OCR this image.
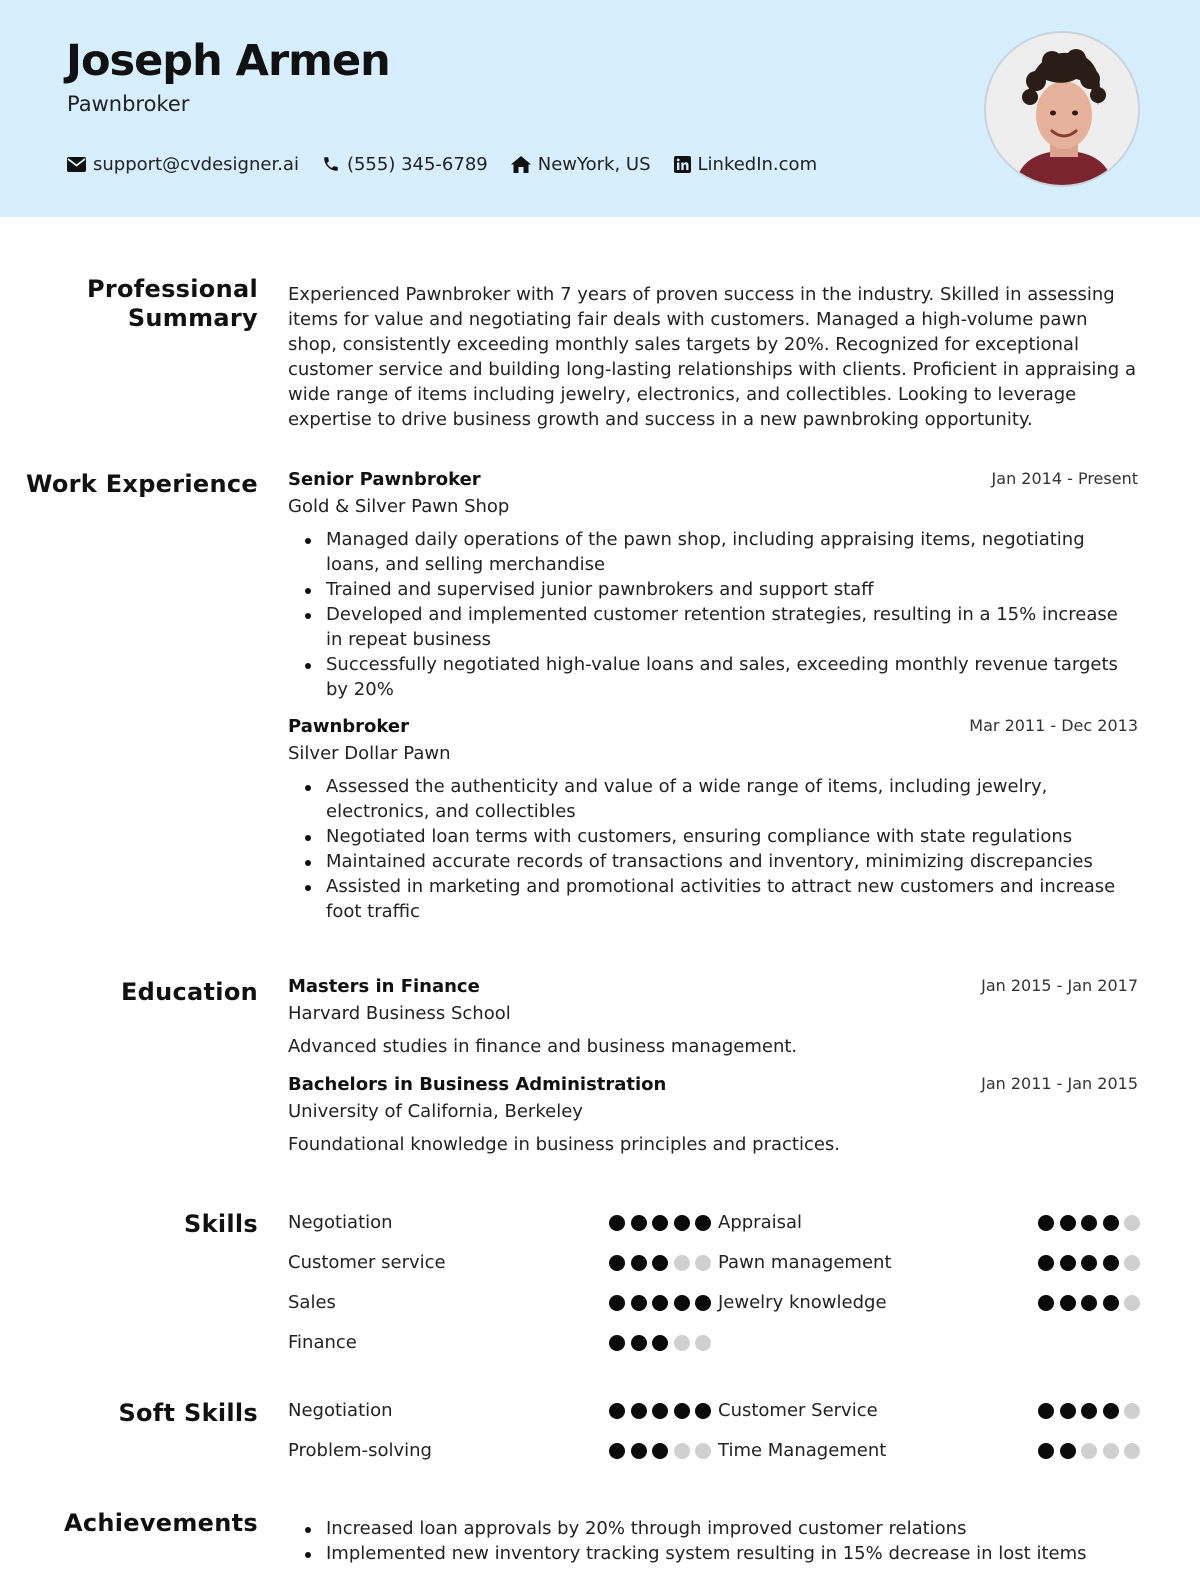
Joseph Armen
Pawnbroker
support@cvdesigner.ai	(555) 345-6789	NewYork, US	LinkedIn.com
Professional Summary
Experienced Pawnbroker with 7 years of proven success in the industry. Skilled in assessing items for value and negotiating fair deals with customers. Managed a high-volume pawn shop, consistently exceeding monthly sales targets by 20%. Recognized for exceptional customer service and building long-lasting relationships with clients. Proficient in appraising a wide range of items including jewelry, electronics, and collectibles. Looking to leverage expertise to drive business growth and success in a new pawnbroking opportunity.
Work Experience Senior Pawnbroker	Jan 2014 - Present
Gold & Silver Pawn Shop
Managed daily operations of the pawn shop, including appraising items, negotiating loans, and selling merchandise
Trained and supervised junior pawnbrokers and support staff
Developed and implemented customer retention strategies, resulting in a 15% increase in repeat business
Successfully negotiated high-value loans and sales, exceeding monthly revenue targets by 20%
Pawnbroker	Mar 2011 - Dec 2013
Silver Dollar Pawn
Assessed the authenticity and value of a wide range of items, including jewelry, electronics, and collectibles
Negotiated loan terms with customers, ensuring compliance with state regulations
Maintained accurate records of transactions and inventory, minimizing discrepancies
Assisted in marketing and promotional activities to attract new customers and increase foot traffic
Education Masters in Finance	Jan 2015 - Jan 2017
Harvard Business School
Advanced studies in finance and business management.
Bachelors in Business Administration	Jan 2011 - Jan 2015
University of California, Berkeley
Foundational knowledge in business principles and practices.
Skills Negotiation	Appraisal
Customer service	Pawn management
Sales	Jewelry knowledge
Finance
Soft Skills Negotiation	Customer Service
Problem-solving	Time Management
Achievements	Increased loan approvals by 20% through improved customer relations
Implemented new inventory tracking system resulting in 15% decrease in lost items
